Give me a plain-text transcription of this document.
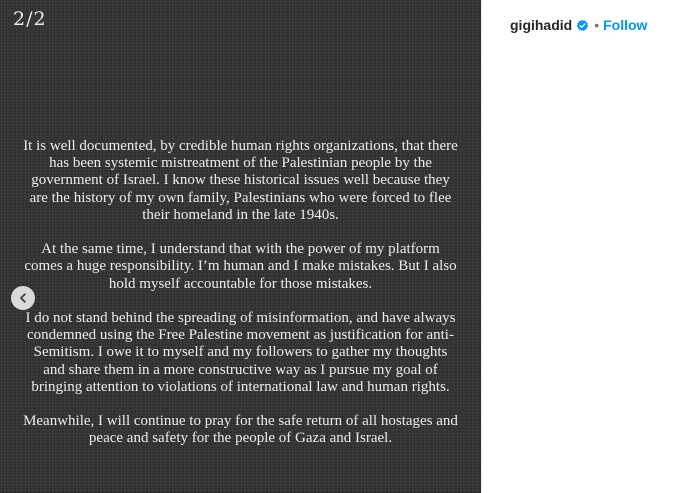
2/2

It is well documented, by credible human rights organizations, that there has been systemic mistreatment of the Palestinian people by the government of Israel. I know these historical issues well because they are the history of my own family, Palestinians who were forced to flee their homeland in the late 1940s.

At the same time, I understand that with the power of my platform comes a huge responsibility. I’m human and I make mistakes. But I also hold myself accountable for those mistakes.

I do not stand behind the spreading of misinformation, and have always condemned using the Free Palestine movement as justification for anti-Semitism. I owe it to myself and my followers to gather my thoughts and share them in a more constructive way as I pursue my goal of bringing attention to violations of international law and human rights.

Meanwhile, I will continue to pray for the safe return of all hostages and peace and safety for the people of Gaza and Israel.

gigihadid • Follow
